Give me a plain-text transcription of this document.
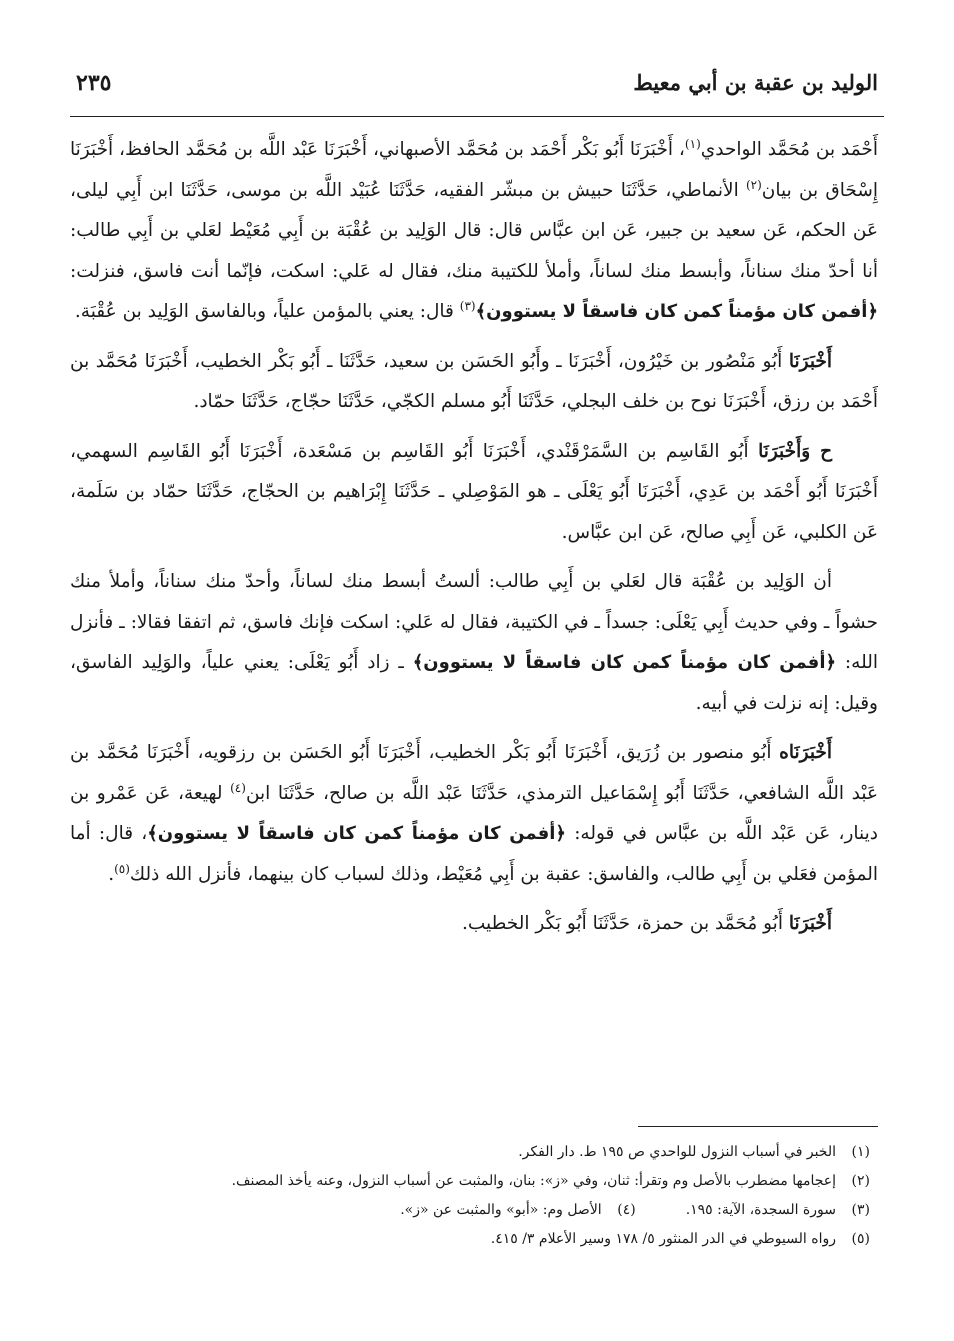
الوليد بن عقبة بن أبي معيط
٢٣٥

أَحْمَد بن مُحَمَّد الواحدي$^{(١)}$، أَخْبَرَنَا أَبُو بَكْر أَحْمَد بن مُحَمَّد الأصبهاني، أَخْبَرَنَا عَبْد اللَّه بن مُحَمَّد الحافظ، أَخْبَرَنَا إِسْحَاق بن بيان$^{(٢)}$ الأنماطي، حَدَّثَنَا حبيش بن مبشّر الفقيه، حَدَّثَنَا عُبَيْد اللَّه بن موسى، حَدَّثَنَا ابن أَبِي ليلى، عَن الحكم، عَن سعيد بن جبير، عَن ابن عبَّاس قال: قال الوَلِيد بن عُقْبَة بن أَبِي مُعَيْط لعَلي بن أَبِي طالب: أنا أحدّ منك سناناً، وأبسط منك لساناً، وأملأ للكتيبة منك، فقال له عَلي: اسكت، فإنّما أنت فاسق، فنزلت: ﴿أفمن كان مؤمناً كمن كان فاسقاً لا يستوون﴾$^{(٣)}$ قال: يعني بالمؤمن علياً، وبالفاسق الوَلِيد بن عُقْبَة.

أَخْبَرَنَا أَبُو مَنْصُور بن خَيْرُون، أَخْبَرَنَا ـ وأَبُو الحَسَن بن سعيد، حَدَّثَنَا ـ أَبُو بَكْر الخطيب، أَخْبَرَنَا مُحَمَّد بن أَحْمَد بن رزق، أَخْبَرَنَا نوح بن خلف البجلي، حَدَّثَنَا أَبُو مسلم الكجّي، حَدَّثَنَا حجّاج، حَدَّثَنَا حمّاد.

ح وَأَخْبَرَنَا أَبُو القَاسِم بن السَّمَرْقَنْدي، أَخْبَرَنَا أَبُو القَاسِم بن مَسْعَدة، أَخْبَرَنَا أَبُو القَاسِم السهمي، أَخْبَرَنَا أَبُو أَحْمَد بن عَدِي، أَخْبَرَنَا أَبُو يَعْلَى ـ هو المَوْصِلي ـ حَدَّثَنَا إِبْرَاهيم بن الحجّاج، حَدَّثَنَا حمّاد بن سَلَمة، عَن الكلبي، عَن أَبِي صالح، عَن ابن عبَّاس.

أن الوَلِيد بن عُقْبَة قال لعَلي بن أَبِي طالب: ألستُ أبسط منك لساناً، وأحدّ منك سناناً، وأملأ منك حشواً ـ وفي حديث أَبِي يَعْلَى: جسداً ـ في الكتيبة، فقال له عَلي: اسكت فإنك فاسق، ثم اتفقا فقالا: ـ فأنزل الله: ﴿أفمن كان مؤمناً كمن كان فاسقاً لا يستوون﴾ ـ زاد أَبُو يَعْلَى: يعني علياً، والوَلِيد الفاسق، وقيل: إنه نزلت في أبيه.

أَخْبَرَنَاه أَبُو منصور بن زُرَيق، أَخْبَرَنَا أَبُو بَكْر الخطيب، أَخْبَرَنَا أَبُو الحَسَن بن رزقويه، أَخْبَرَنَا مُحَمَّد بن عَبْد اللَّه الشافعي، حَدَّثَنَا أَبُو إِسْمَاعيل الترمذي، حَدَّثَنَا عَبْد اللَّه بن صالح، حَدَّثَنَا ابن$^{(٤)}$ لهيعة، عَن عَمْرو بن دينار، عَن عَبْد اللَّه بن عبَّاس في قوله: ﴿أفمن كان مؤمناً كمن كان فاسقاً لا يستوون﴾، قال: أما المؤمن فعَلي بن أَبِي طالب، والفاسق: عقبة بن أَبِي مُعَيْط، وذلك لسباب كان بينهما، فأنزل الله ذلك$^{(٥)}$.

أَخْبَرَنَا أَبُو مُحَمَّد بن حمزة، حَدَّثَنَا أَبُو بَكْر الخطيب.

(١)الخبر في أسباب النزول للواحدي ص ١٩٥ ط. دار الفكر.
(٢)إعجامها مضطرب بالأصل وم وتقرأ: ثنان، وفي «ز»: بنان، والمثبت عن أسباب النزول، وعنه يأخذ المصنف.
(٣)سورة السجدة، الآية: ١٩٥.(٤)الأصل وم: «أبو» والمثبت عن «ز».
(٥)رواه السيوطي في الدر المنثور ٥/ ١٧٨ وسير الأعلام ٣/ ٤١٥.
